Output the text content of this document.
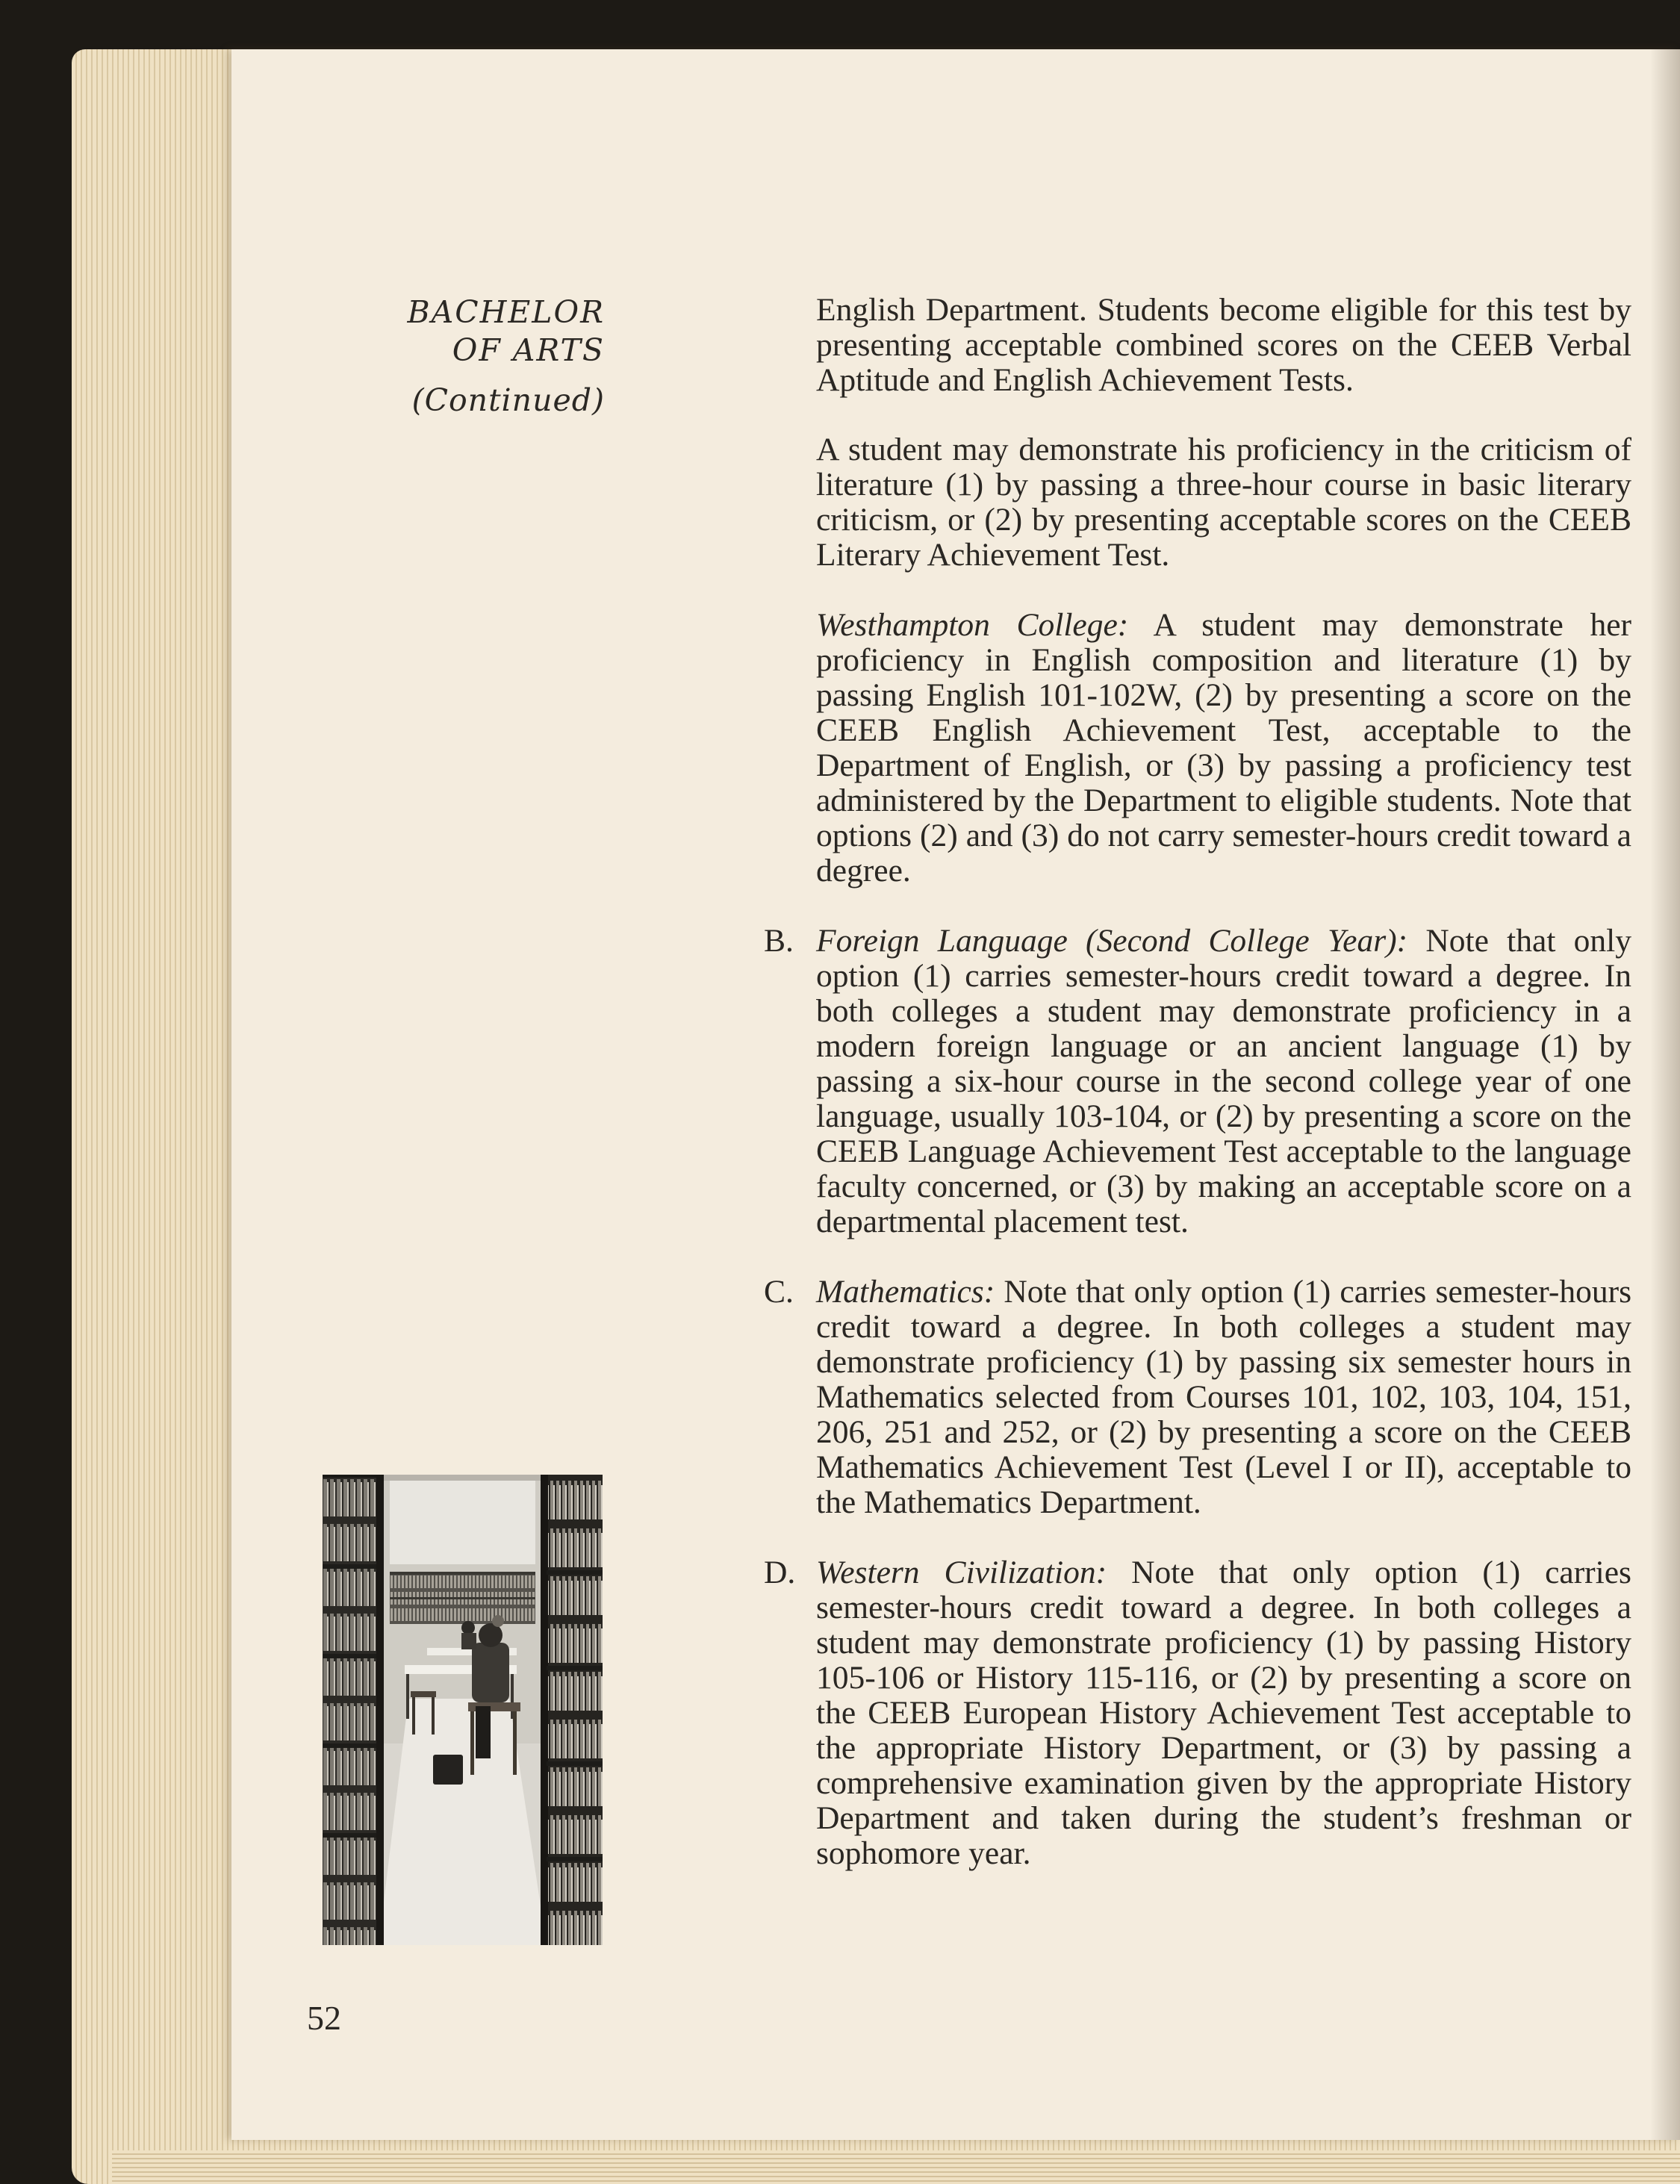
BACHELOR
OF ARTS
(Continued)

English Department. Students become eligible for this test by presenting acceptable combined scores on the CEEB Verbal Aptitude and English Achievement Tests.

A student may demonstrate his proficiency in the criticism of literature (1) by passing a three-hour course in basic literary criticism, or (2) by presenting acceptable scores on the CEEB Literary Achievement Test.

Westhampton College: A student may demonstrate her proficiency in English composition and literature (1) by passing English 101-102W, (2) by presenting a score on the CEEB English Achievement Test, acceptable to the Department of English, or (3) by passing a proficiency test administered by the Department to eligible students. Note that options (2) and (3) do not carry semester-hours credit toward a degree.

B. Foreign Language (Second College Year): Note that only option (1) carries semester-hours credit toward a degree. In both colleges a student may demonstrate proficiency in a modern foreign language or an ancient language (1) by passing a six-hour course in the second college year of one language, usually 103-104, or (2) by presenting a score on the CEEB Language Achievement Test acceptable to the language faculty concerned, or (3) by making an acceptable score on a departmental placement test.
C. Mathematics: Note that only option (1) carries semester-hours credit toward a degree. In both colleges a student may demonstrate proficiency (1) by passing six semester hours in Mathematics selected from Courses 101, 102, 103, 104, 151, 206, 251 and 252, or (2) by presenting a score on the CEEB Mathematics Achievement Test (Level I or II), acceptable to the Mathematics Department.
D. Western Civilization: Note that only option (1) carries semester-hours credit toward a degree. In both colleges a student may demonstrate proficiency (1) by passing History 105-106 or History 115-116, or (2) by presenting a score on the CEEB European History Achievement Test acceptable to the appropriate History Department, or (3) by passing a comprehensive examination given by the appropriate History Department and taken during the student’s freshman or sophomore year.
52
